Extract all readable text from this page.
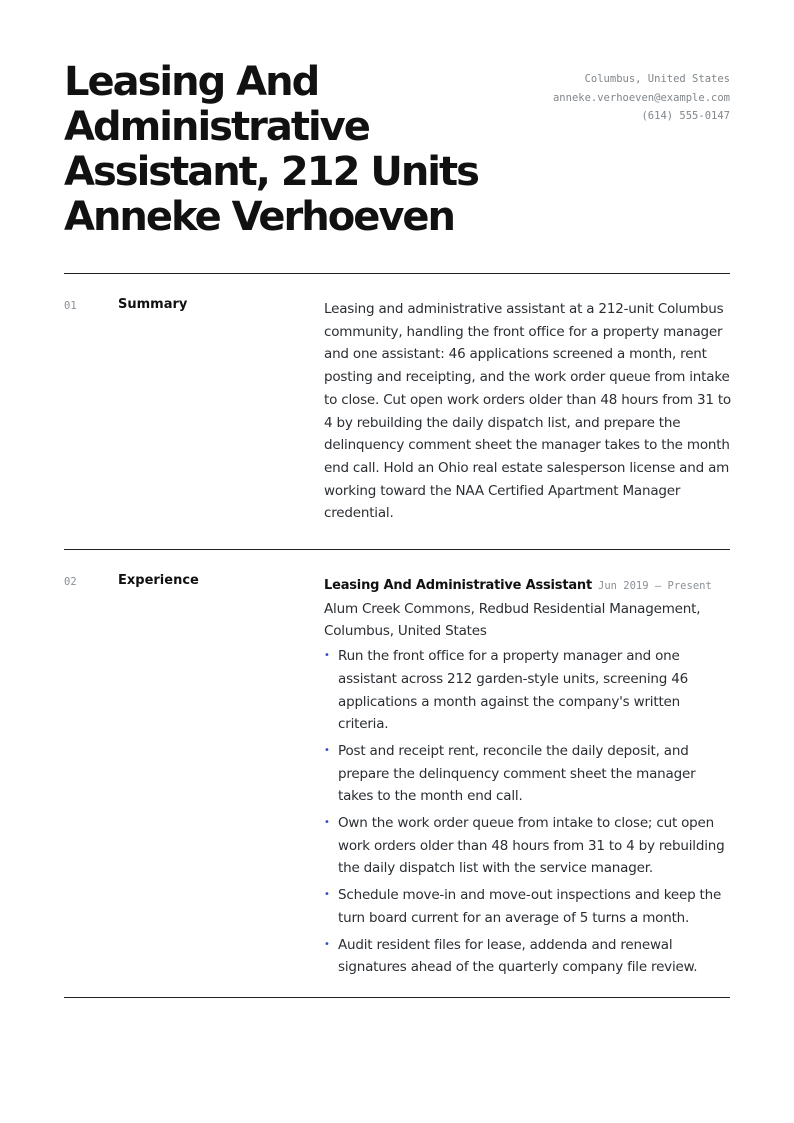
Leasing And
Administrative
Assistant, 212 Units
Anneke Verhoeven
Columbus, United States
anneke.verhoeven@example.com
(614) 555-0147
01	Summary	Leasing and administrative assistant at a 212-unit Columbus community, handling the front office for a property manager and one assistant: 46 applications screened a month, rent posting and receipting, and the work order queue from intake to close. Cut open work orders older than 48 hours from 31 to 4 by rebuilding the daily dispatch list, and prepare the delinquency comment sheet the manager takes to the month end call. Hold an Ohio real estate salesperson license and am working toward the NAA Certified Apartment Manager credential.

02	Experience	Leasing And Administrative Assistant Jun 2019 — Present
Alum Creek Commons, Redbud Residential Management, Columbus, United States
• Run the front office for a property manager and one assistant across 212 garden-style units, screening 46 applications a month against the company's written criteria.
• Post and receipt rent, reconcile the daily deposit, and prepare the delinquency comment sheet the manager takes to the month end call.
• Own the work order queue from intake to close; cut open work orders older than 48 hours from 31 to 4 by rebuilding the daily dispatch list with the service manager.
• Schedule move-in and move-out inspections and keep the turn board current for an average of 5 turns a month.
• Audit resident files for lease, addenda and renewal signatures ahead of the quarterly company file review.
